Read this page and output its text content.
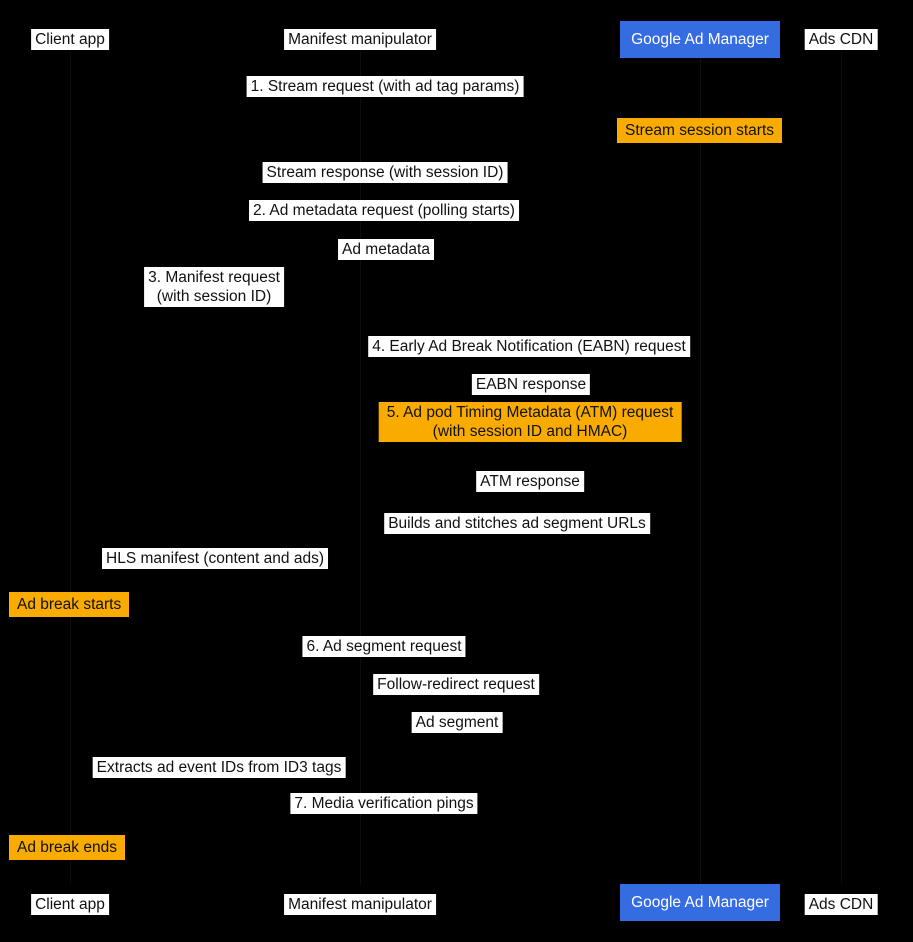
Client app	Manifest manipulator	Google Ad Manager	Ads CDN
1. Stream request (with ad tag params)
Stream session starts
Stream response (with session ID)
2. Ad metadata request (polling starts)
Ad metadata
3. Manifest request
(with session ID)
4. Early Ad Break Notification (EABN) request
EABN response
5. Ad pod Timing Metadata (ATM) request
(with session ID and HMAC)
ATM response
Builds and stitches ad segment URLs
HLS manifest (content and ads)
Ad break starts
6. Ad segment request
Follow-redirect request
Ad segment
Extracts ad event IDs from ID3 tags
7. Media verification pings
Ad break ends
Client app	Manifest manipulator	Google Ad Manager	Ads CDN
